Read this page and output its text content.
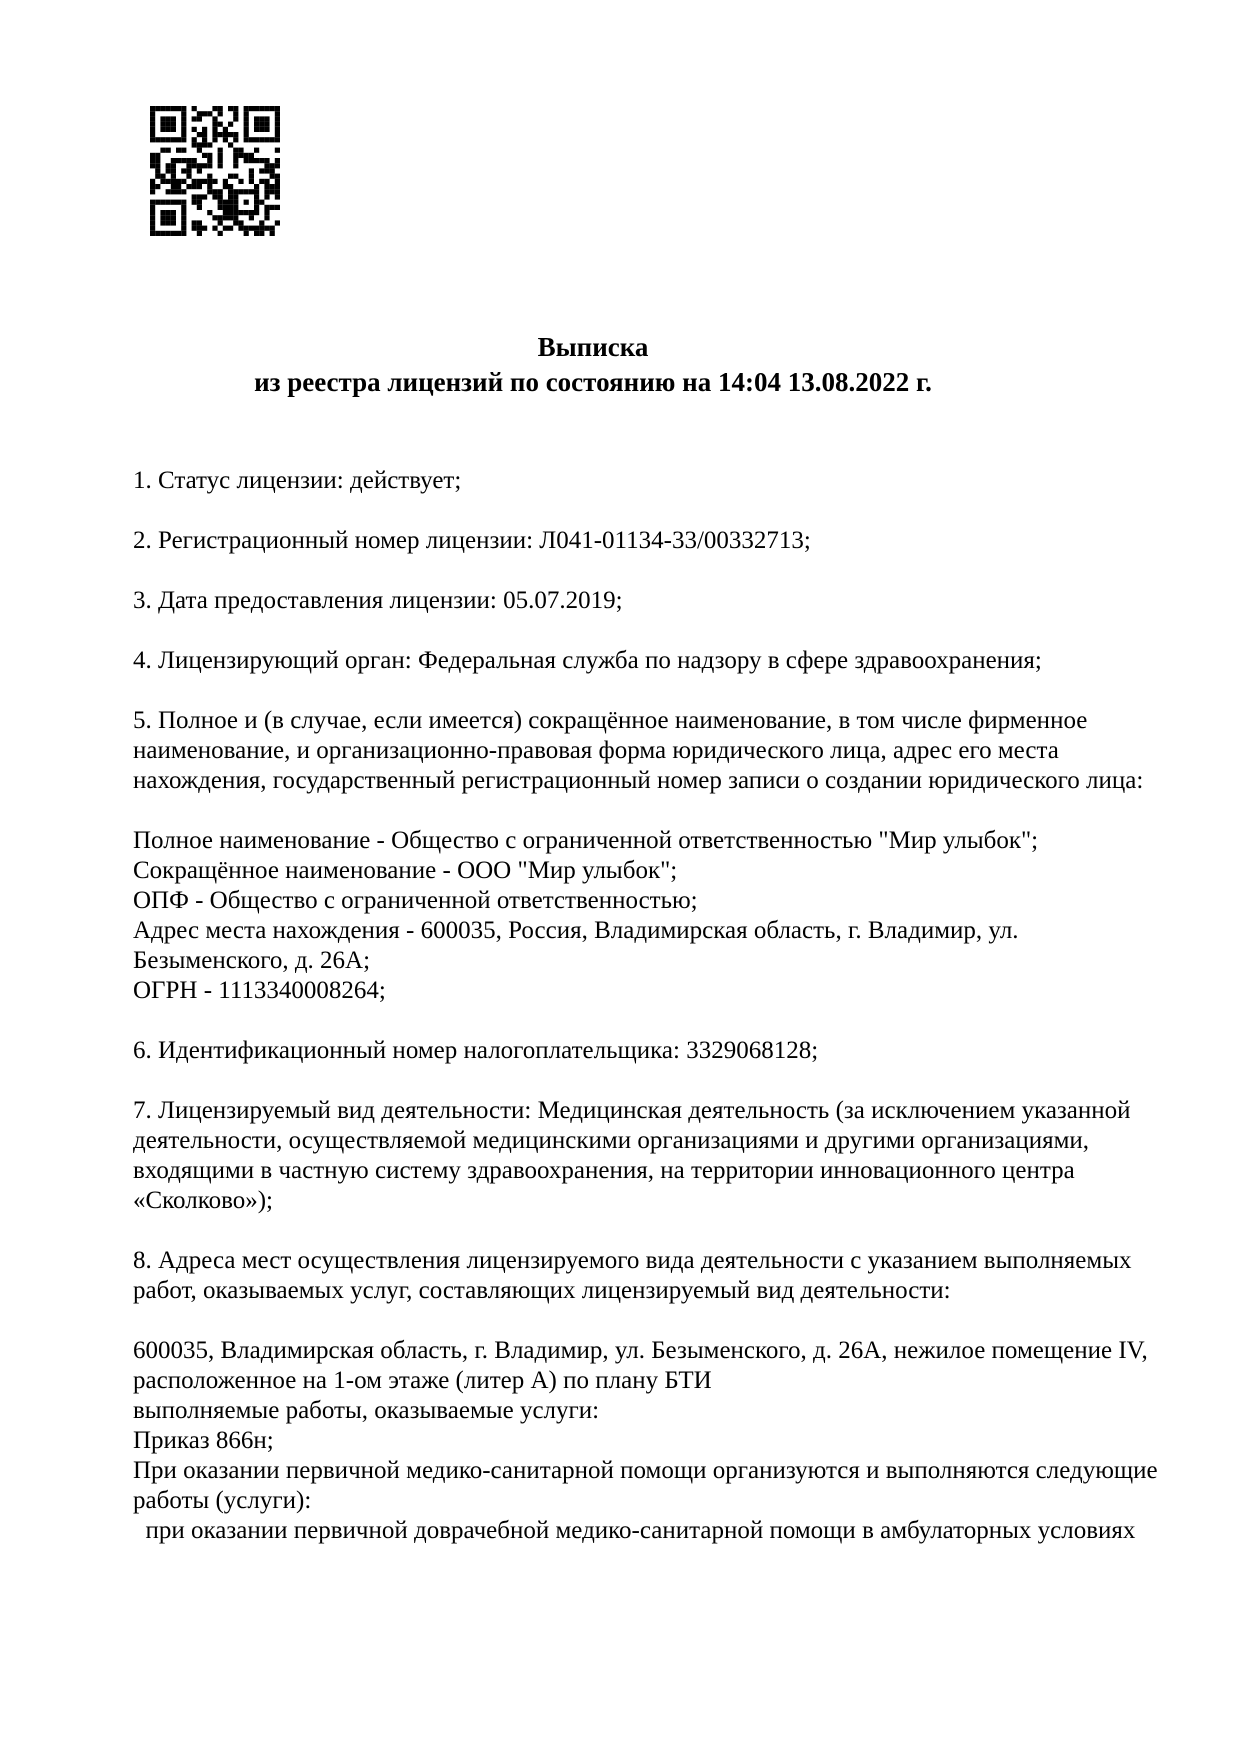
Выписка
из реестра лицензий по состоянию на 14:04 13.08.2022 г.
1. Статус лицензии: действует;
2. Регистрационный номер лицензии: Л041-01134-33/00332713;
3. Дата предоставления лицензии: 05.07.2019;
4. Лицензирующий орган: Федеральная служба по надзору в сфере здравоохранения;
5. Полное и (в случае, если имеется) сокращённое наименование, в том числе фирменное
наименование, и организационно-правовая форма юридического лица, адрес его места
нахождения, государственный регистрационный номер записи о создании юридического лица:
Полное наименование - Общество с ограниченной ответственностью "Мир улыбок";
Сокращённое наименование - ООО "Мир улыбок";
ОПФ - Общество с ограниченной ответственностью;
Адрес места нахождения - 600035, Россия, Владимирская область, г. Владимир, ул.
Безыменского, д. 26А;
ОГРН - 1113340008264;
6. Идентификационный номер налогоплательщика: 3329068128;
7. Лицензируемый вид деятельности: Медицинская деятельность (за исключением указанной
деятельности, осуществляемой медицинскими организациями и другими организациями,
входящими в частную систему здравоохранения, на территории инновационного центра
«Сколково»);
8. Адреса мест осуществления лицензируемого вида деятельности с указанием выполняемых
работ, оказываемых услуг, составляющих лицензируемый вид деятельности:
600035, Владимирская область, г. Владимир, ул. Безыменского, д. 26А, нежилое помещение IV,
расположенное на 1-ом этаже (литер А) по плану БТИ
выполняемые работы, оказываемые услуги:
Приказ 866н;
При оказании первичной медико-санитарной помощи организуются и выполняются следующие
работы (услуги):
при оказании первичной доврачебной медико-санитарной помощи в амбулаторных условиях
